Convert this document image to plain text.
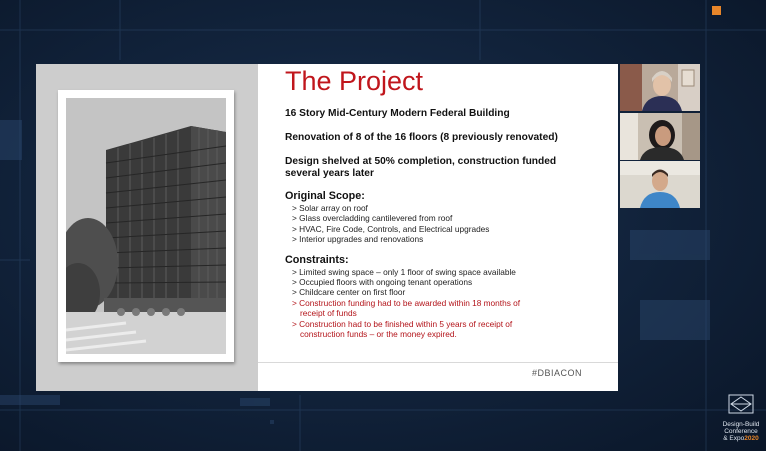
The Project
16 Story Mid-Century Modern Federal Building
Renovation of 8 of the 16 floors (8 previously renovated)
Design shelved at 50% completion, construction funded several years later
Original Scope:
> Solar array on roof
> Glass overcladding cantilevered from roof
> HVAC, Fire Code, Controls, and Electrical upgrades
> Interior upgrades and renovations
Constraints:
> Limited swing space – only 1 floor of swing space available
> Occupied floors with ongoing tenant operations
> Childcare center on first floor
> Construction funding had to be awarded within 18 months of
receipt of funds
> Construction had to be finished within 5 years of receipt of
construction funds – or the money expired.
#DBIACON
Design-Build
Conference
& Expo2020
